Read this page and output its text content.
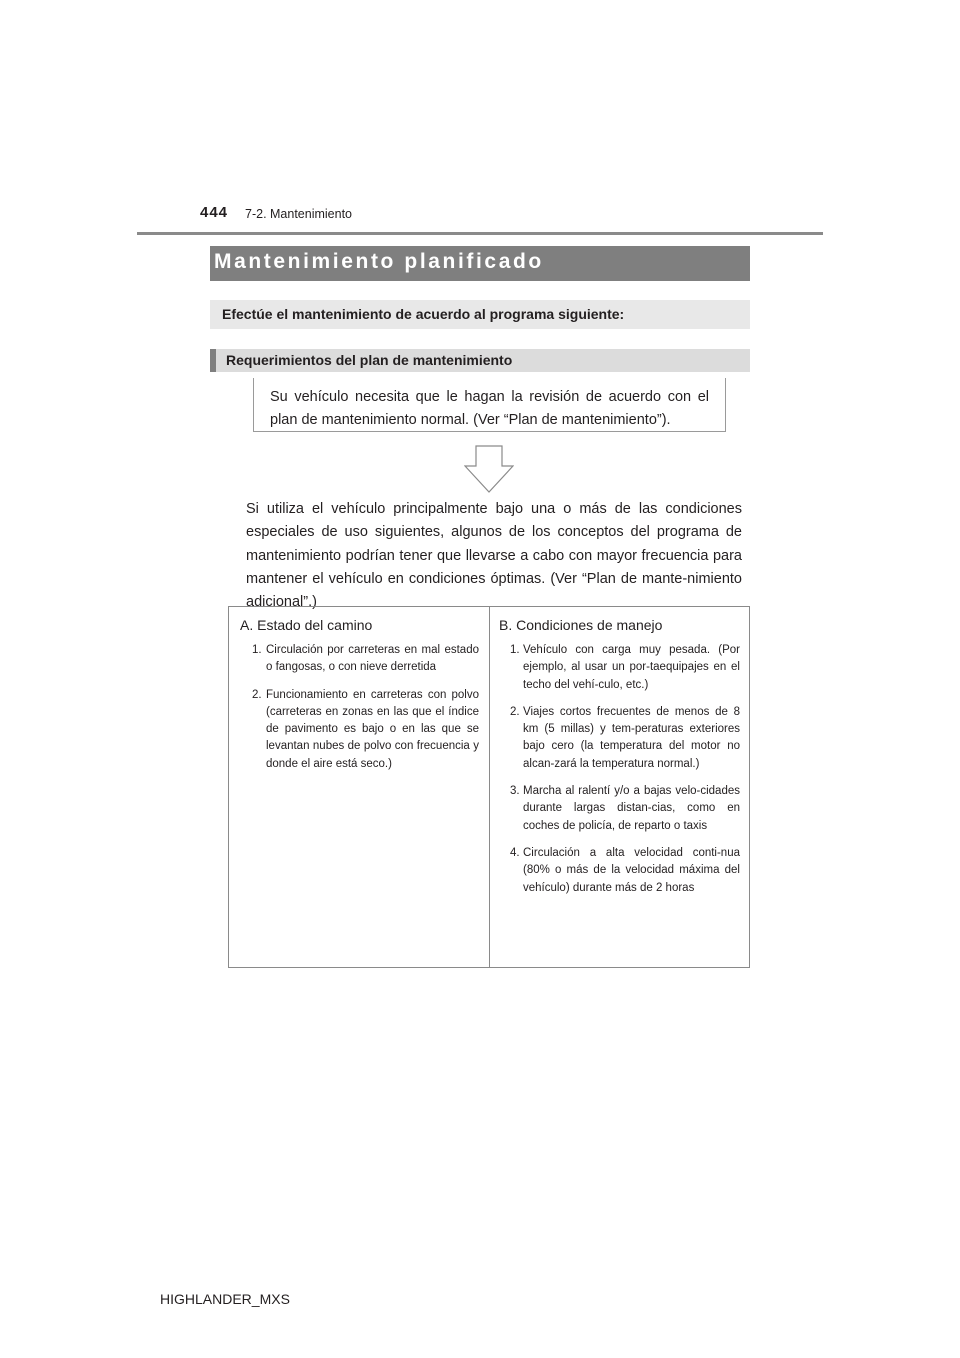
444 7-2. Mantenimiento
Mantenimiento planificado
Efectúe el mantenimiento de acuerdo al programa siguiente:
Requerimientos del plan de mantenimiento
Su vehículo necesita que le hagan la revisión de acuerdo con el plan de mantenimiento normal. (Ver “Plan de mantenimiento”).
Si utiliza el vehículo principalmente bajo una o más de las condiciones especiales de uso siguientes, algunos de los conceptos del programa de mantenimiento podrían tener que llevarse a cabo con mayor frecuencia para mantener el vehículo en condiciones óptimas. (Ver “Plan de mante-nimiento adicional”.)
A. Estado del camino
1. Circulación por carreteras en mal estado o fangosas, o con nieve derretida
2. Funcionamiento en carreteras con polvo (carreteras en zonas en las que el índice de pavimento es bajo o en las que se levantan nubes de polvo con frecuencia y donde el aire está seco.)
B. Condiciones de manejo
1. Vehículo con carga muy pesada. (Por ejemplo, al usar un por-taequipajes en el techo del vehí-culo, etc.)
2. Viajes cortos frecuentes de menos de 8 km (5 millas) y tem-peraturas exteriores bajo cero (la temperatura del motor no alcan-zará la temperatura normal.)
3. Marcha al ralentí y/o a bajas velo-cidades durante largas distan-cias, como en coches de policía, de reparto o taxis
4. Circulación a alta velocidad conti-nua (80% o más de la velocidad máxima del vehículo) durante más de 2 horas
HIGHLANDER_MXS
